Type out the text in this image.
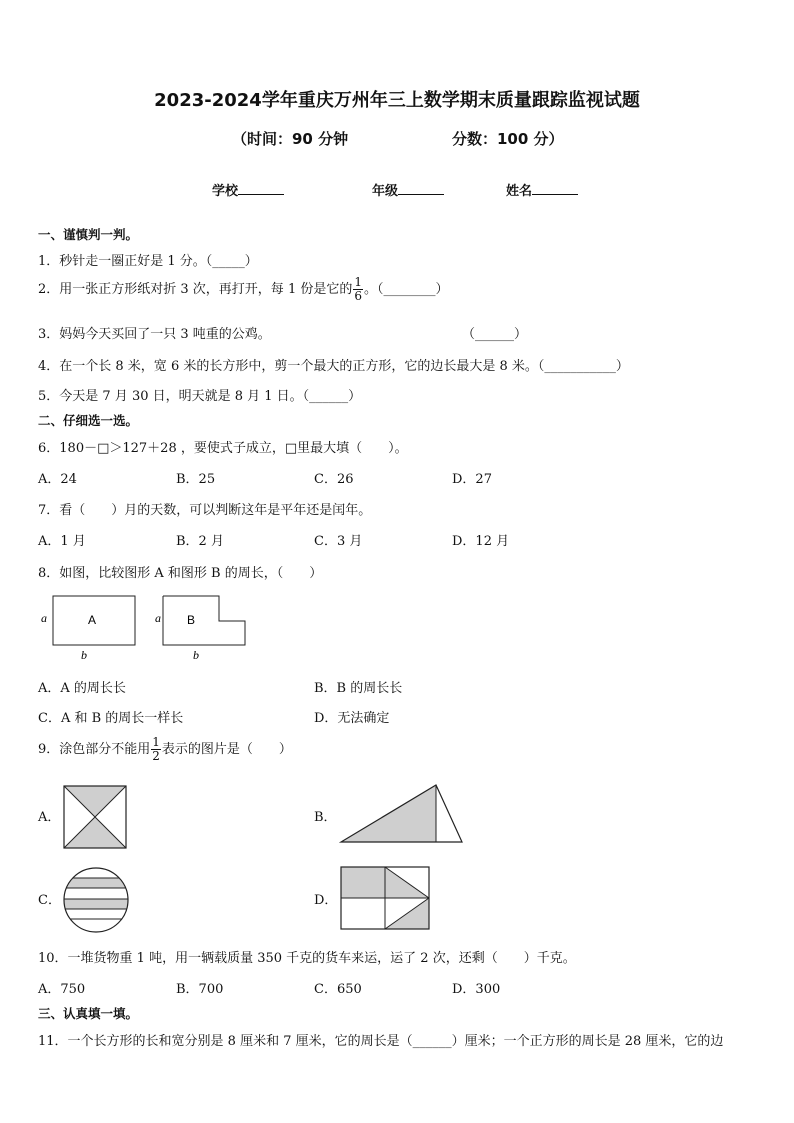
2023-2024学年重庆万州年三上数学期末质量跟踪监视试题
（时间：90 分钟	分数：100 分）
学校	年级	姓名
一、谨慎判一判。
1．秒针走一圈正好是 1 分。（_____）
2．用一张正方形纸对折 3 次，再打开，每 1 份是它的 $\frac{1}{6}$ 。（________）
3．妈妈今天买回了一只 3 吨重的公鸡。	（______）
4．在一个长 8 米，宽 6 米的长方形中，剪一个最大的正方形，它的边长最大是 8 米。（___________）
5．今天是 7 月 30 日，明天就是 8 月 1 日。（______）
二、仔细选一选。
6．180－□＞127＋28 ，要使式子成立，□里最大填（　　）。
A．24	B．25	C．26	D．27
7．看（　　）月的天数，可以判断这年是平年还是闰年。
A．1 月	B．2 月	C．3 月	D．12 月
8．如图，比较图形 A 和图形 B 的周长，（　　）
a	a
b	b
A	B
A．A 的周长长	B．B 的周长长
C．A 和 B 的周长一样长	D．无法确定
9．涂色部分不能用 $\frac{1}{2}$ 表示的图片是（　　）
A．	B．
C．	D．
10．一堆货物重 1 吨，用一辆载质量 350 千克的货车来运，运了 2 次，还剩（　　）千克。
A．750	B．700	C．650	D．300
三、认真填一填。
11．一个长方形的长和宽分别是 8 厘米和 7 厘米，它的周长是（______）厘米；一个正方形的周长是 28 厘米，它的边
